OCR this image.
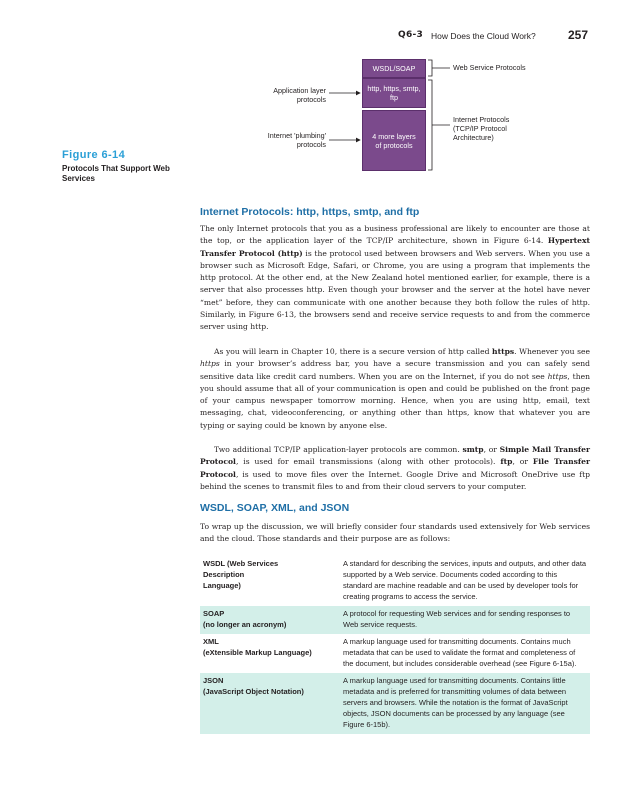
Q6-3 How Does the Cloud Work?	257
WSDL/SOAP
http, https, smtp, ftp
4 more layers of protocols
Application layer protocols
Internet 'plumbing' protocols
Web Service Protocols
Internet Protocols (TCP/IP Protocol Architecture)
Figure 6-14
Protocols That Support Web Services
Internet Protocols: http, https, smtp, and ftp

The only Internet protocols that you as a business professional are likely to encounter are those at the top, or the application layer of the TCP/IP architecture, shown in Figure 6-14. Hypertext Transfer Protocol (http) is the protocol used between browsers and Web servers. When you use a browser such as Microsoft Edge, Safari, or Chrome, you are using a program that implements the http protocol. At the other end, at the New Zealand hotel mentioned earlier, for example, there is a server that also processes http. Even though your browser and the server at the hotel have never “met” before, they can communicate with one another because they both follow the rules of http. Similarly, in Figure 6-13, the browsers send and receive service requests to and from the commerce server using http.

As you will learn in Chapter 10, there is a secure version of http called https. Whenever you see https in your browser’s address bar, you have a secure transmission and you can safely send sensitive data like credit card numbers. When you are on the Internet, if you do not see https, then you should assume that all of your communication is open and could be published on the front page of your campus newspaper tomorrow morning. Hence, when you are using http, email, text messaging, chat, videoconferencing, or anything other than https, know that whatever you are typing or saying could be known by anyone else.

Two additional TCP/IP application-layer protocols are common. smtp, or Simple Mail Transfer Protocol, is used for email transmissions (along with other protocols). ftp, or File Transfer Protocol, is used to move files over the Internet. Google Drive and Microsoft OneDrive use ftp behind the scenes to transmit files to and from their cloud servers to your computer.

WSDL, SOAP, XML, and JSON

To wrap up the discussion, we will briefly consider four standards used extensively for Web services and the cloud. Those standards and their purpose are as follows:

WSDL (Web Services
Description
Language)
A standard for describing the services, inputs and outputs, and other data supported by a Web service. Documents coded according to this standard are machine readable and can be used by developer tools for creating programs to access the service.
SOAP
(no longer an acronym)
A protocol for requesting Web services and for sending responses to Web service requests.
XML
(eXtensible Markup Language)
A markup language used for transmitting documents. Contains much metadata that can be used to validate the format and completeness of the document, but includes considerable overhead (see Figure 6-15a).
JSON
(JavaScript Object Notation)
A markup language used for transmitting documents. Contains little metadata and is preferred for transmitting volumes of data between servers and browsers. While the notation is the format of JavaScript objects, JSON documents can be processed by any language (see Figure 6-15b).
